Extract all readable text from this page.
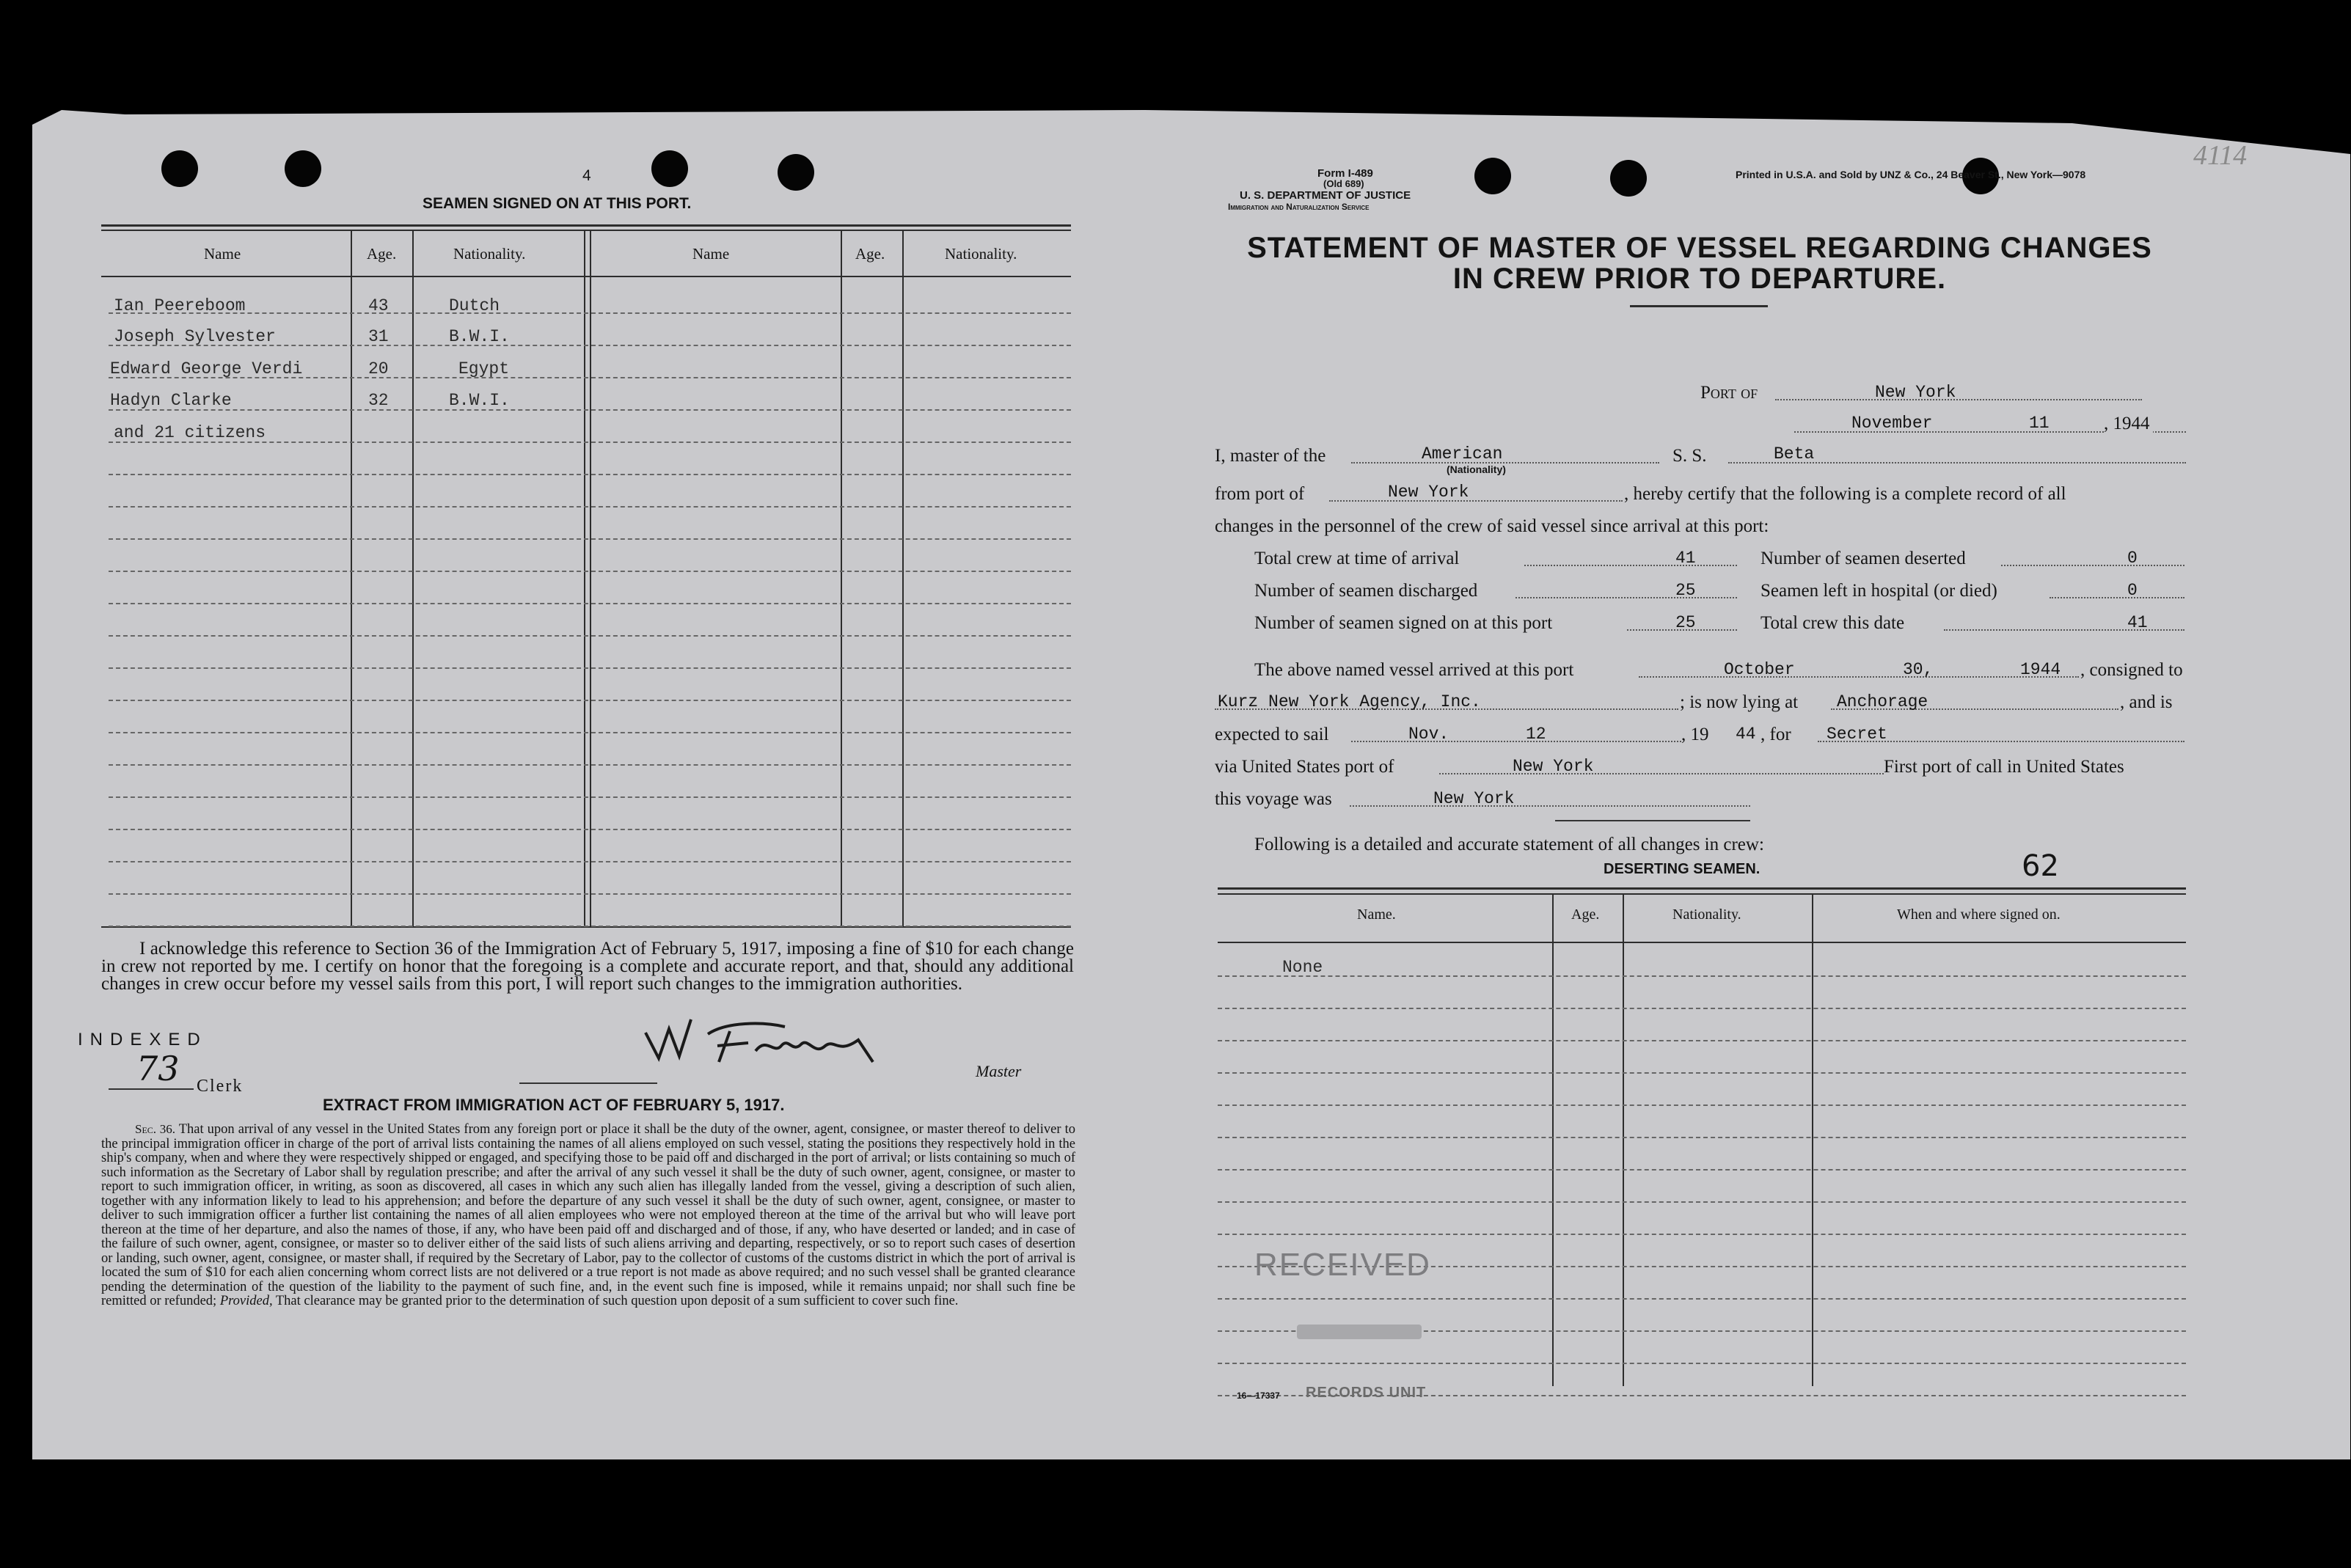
4
SEAMEN SIGNED ON AT THIS PORT.
Name	Age.	Nationality.	Name	Age.	Nationality.
Ian Peereboom	43	Dutch
Joseph Sylvester	31	B.W.I.
Edward George Verdi	20	Egypt
Hadyn Clarke	32	B.W.I.
and 21 citizens
I acknowledge this reference to Section 36 of the Immigration Act of February 5, 1917, imposing a fine of $10 for each change in crew not reported by me. I certify on honor that the foregoing is a complete and accurate report, and that, should any additional changes in crew occur before my vessel sails from this port, I will report such changes to the immigration authorities.
INDEXED
73 Clerk
Master
EXTRACT FROM IMMIGRATION ACT OF FEBRUARY 5, 1917.
Sec. 36. That upon arrival of any vessel in the United States from any foreign port or place it shall be the duty of the owner, agent, consignee, or master thereof to deliver to the principal immigration officer in charge of the port of arrival lists containing the names of all aliens employed on such vessel, stating the positions they respectively hold in the ship's company, when and where they were respectively shipped or engaged, and specifying those to be paid off and discharged in the port of arrival; or lists containing so much of such information as the Secretary of Labor shall by regulation prescribe; and after the arrival of any such vessel it shall be the duty of such owner, agent, consignee, or master to report to such immigration officer, in writing, as soon as discovered, all cases in which any such alien has illegally landed from the vessel, giving a description of such alien, together with any information likely to lead to his apprehension; and before the departure of any such vessel it shall be the duty of such owner, agent, consignee, or master to deliver to such immigration officer a further list containing the names of all alien employees who were not employed thereon at the time of the arrival but who will leave port thereon at the time of her departure, and also the names of those, if any, who have been paid off and discharged and of those, if any, who have deserted or landed; and in case of the failure of such owner, agent, consignee, or master so to deliver either of the said lists of such aliens arriving and departing, respectively, or so to report such cases of desertion or landing, such owner, agent, consignee, or master shall, if required by the Secretary of Labor, pay to the collector of customs of the customs district in which the port of arrival is located the sum of $10 for each alien concerning whom correct lists are not delivered or a true report is not made as above required; and no such vessel shall be granted clearance pending the determination of the question of the liability to the payment of such fine, and, in the event such fine is imposed, while it remains unpaid; nor shall such fine be remitted or refunded; Provided, That clearance may be granted prior to the determination of such question upon deposit of a sum sufficient to cover such fine.
Form I-489
(Old 689)
U. S. DEPARTMENT OF JUSTICE
Immigration and Naturalization Service
Printed in U.S.A. and Sold by UNZ & Co., 24 Beaver St., New York—9078
4114
STATEMENT OF MASTER OF VESSEL REGARDING CHANGES
IN CREW PRIOR TO DEPARTURE.
Port of	New York
November	11	, 1944
I, master of the	American
(Nationality)
S. S.	Beta
from port of	New York	, hereby certify that the following is a complete record of all
changes in the personnel of the crew of said vessel since arrival at this port:
Total crew at time of arrival	41
Number of seamen discharged	25
Number of seamen signed on at this port	25
Number of seamen deserted	0
Seamen left in hospital (or died)	0
Total crew this date	41
The above named vessel arrived at this port	October	30,	1944 , consigned to
Kurz New York Agency, Inc.	; is now lying at Anchorage	, and is
expected to sail	Nov.	12	, 19 44 , for Secret
via United States port of	New York	First port of call in United States
this voyage was	New York
Following is a detailed and accurate statement of all changes in crew:
DESERTING SEAMEN.	62
Name.	Age.	Nationality.	When and where signed on.
None
RECEIVED
16—17337 RECORDS UNIT
